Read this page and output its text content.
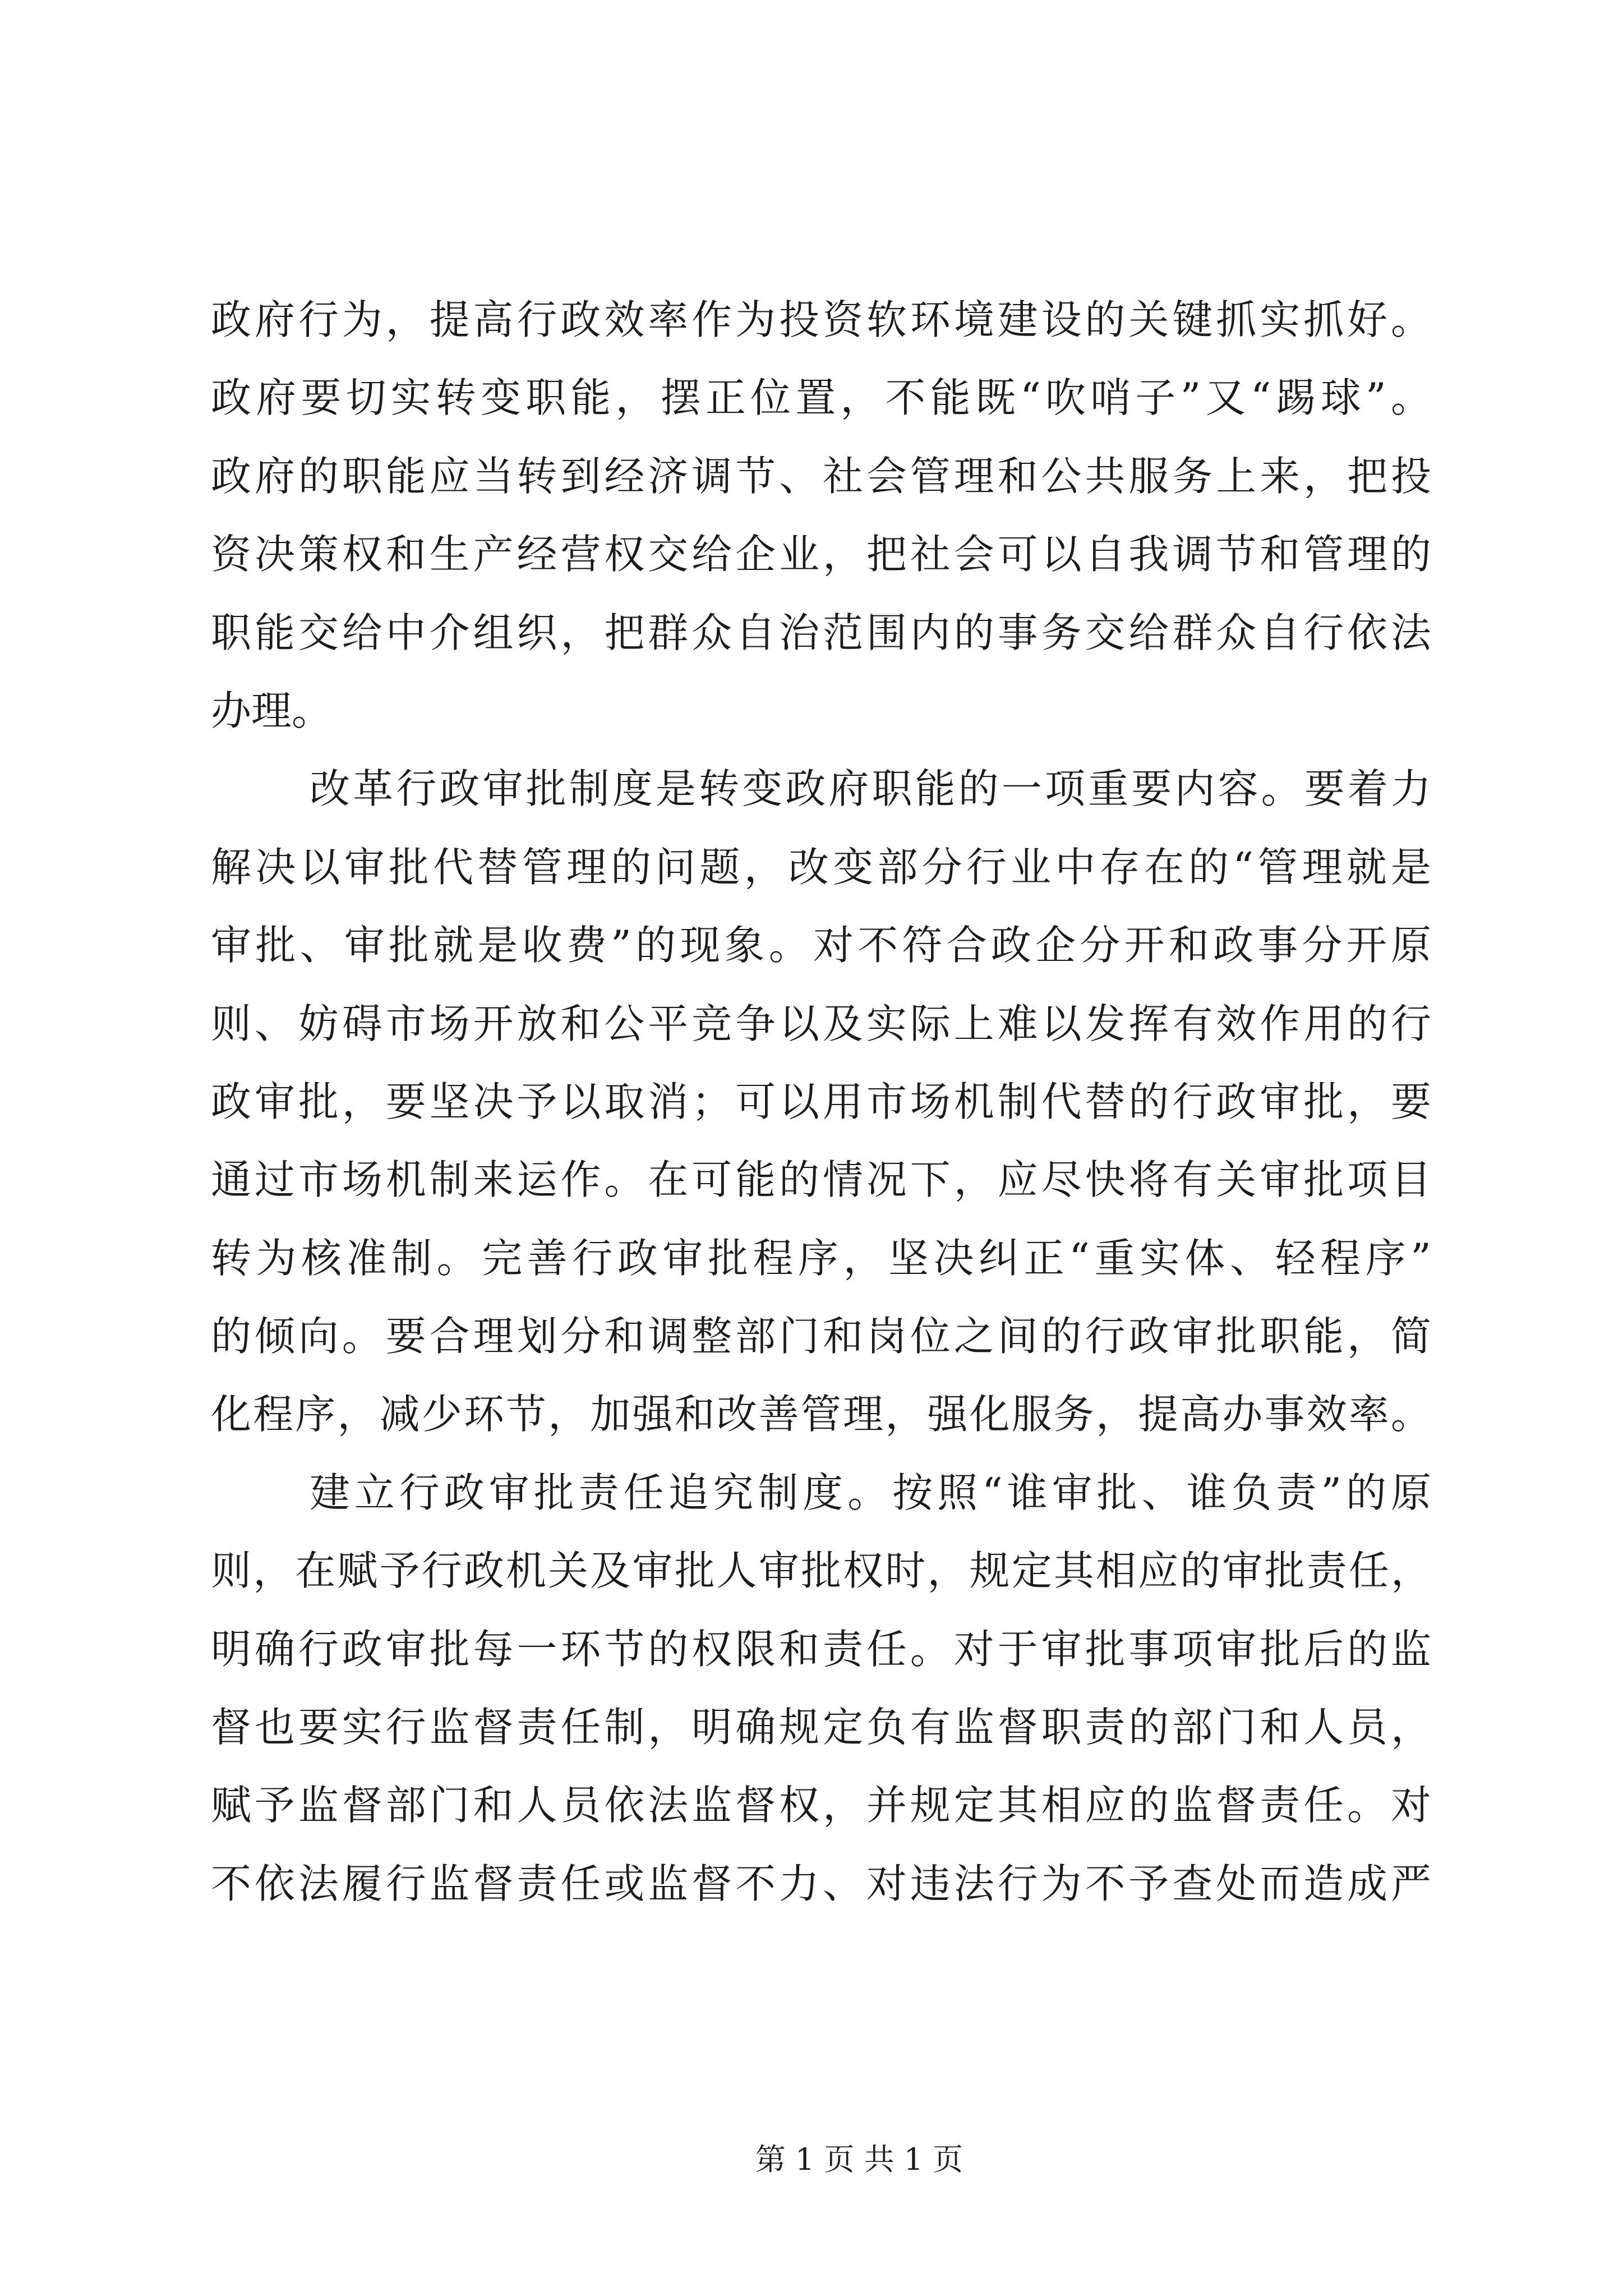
政府行为，提高行政效率作为投资软环境建设的关键抓实抓好。
政府要切实转变职能，摆正位置，不能既“吹哨子”又“踢球”。
政府的职能应当转到经济调节、社会管理和公共服务上来，把投
资决策权和生产经营权交给企业，把社会可以自我调节和管理的
职能交给中介组织，把群众自治范围内的事务交给群众自行依法
办理。
改革行政审批制度是转变政府职能的一项重要内容。要着力
解决以审批代替管理的问题，改变部分行业中存在的“管理就是
审批、审批就是收费”的现象。对不符合政企分开和政事分开原
则、妨碍市场开放和公平竞争以及实际上难以发挥有效作用的行
政审批，要坚决予以取消；可以用市场机制代替的行政审批，要
通过市场机制来运作。在可能的情况下，应尽快将有关审批项目
转为核准制。完善行政审批程序，坚决纠正“重实体、轻程序”
的倾向。要合理划分和调整部门和岗位之间的行政审批职能，简
化程序，减少环节，加强和改善管理，强化服务，提高办事效率。
建立行政审批责任追究制度。按照“谁审批、谁负责”的原
则，在赋予行政机关及审批人审批权时，规定其相应的审批责任，
明确行政审批每一环节的权限和责任。对于审批事项审批后的监
督也要实行监督责任制，明确规定负有监督职责的部门和人员，
赋予监督部门和人员依法监督权，并规定其相应的监督责任。对
不依法履行监督责任或监督不力、对违法行为不予查处而造成严
第 1 页 共 1 页
